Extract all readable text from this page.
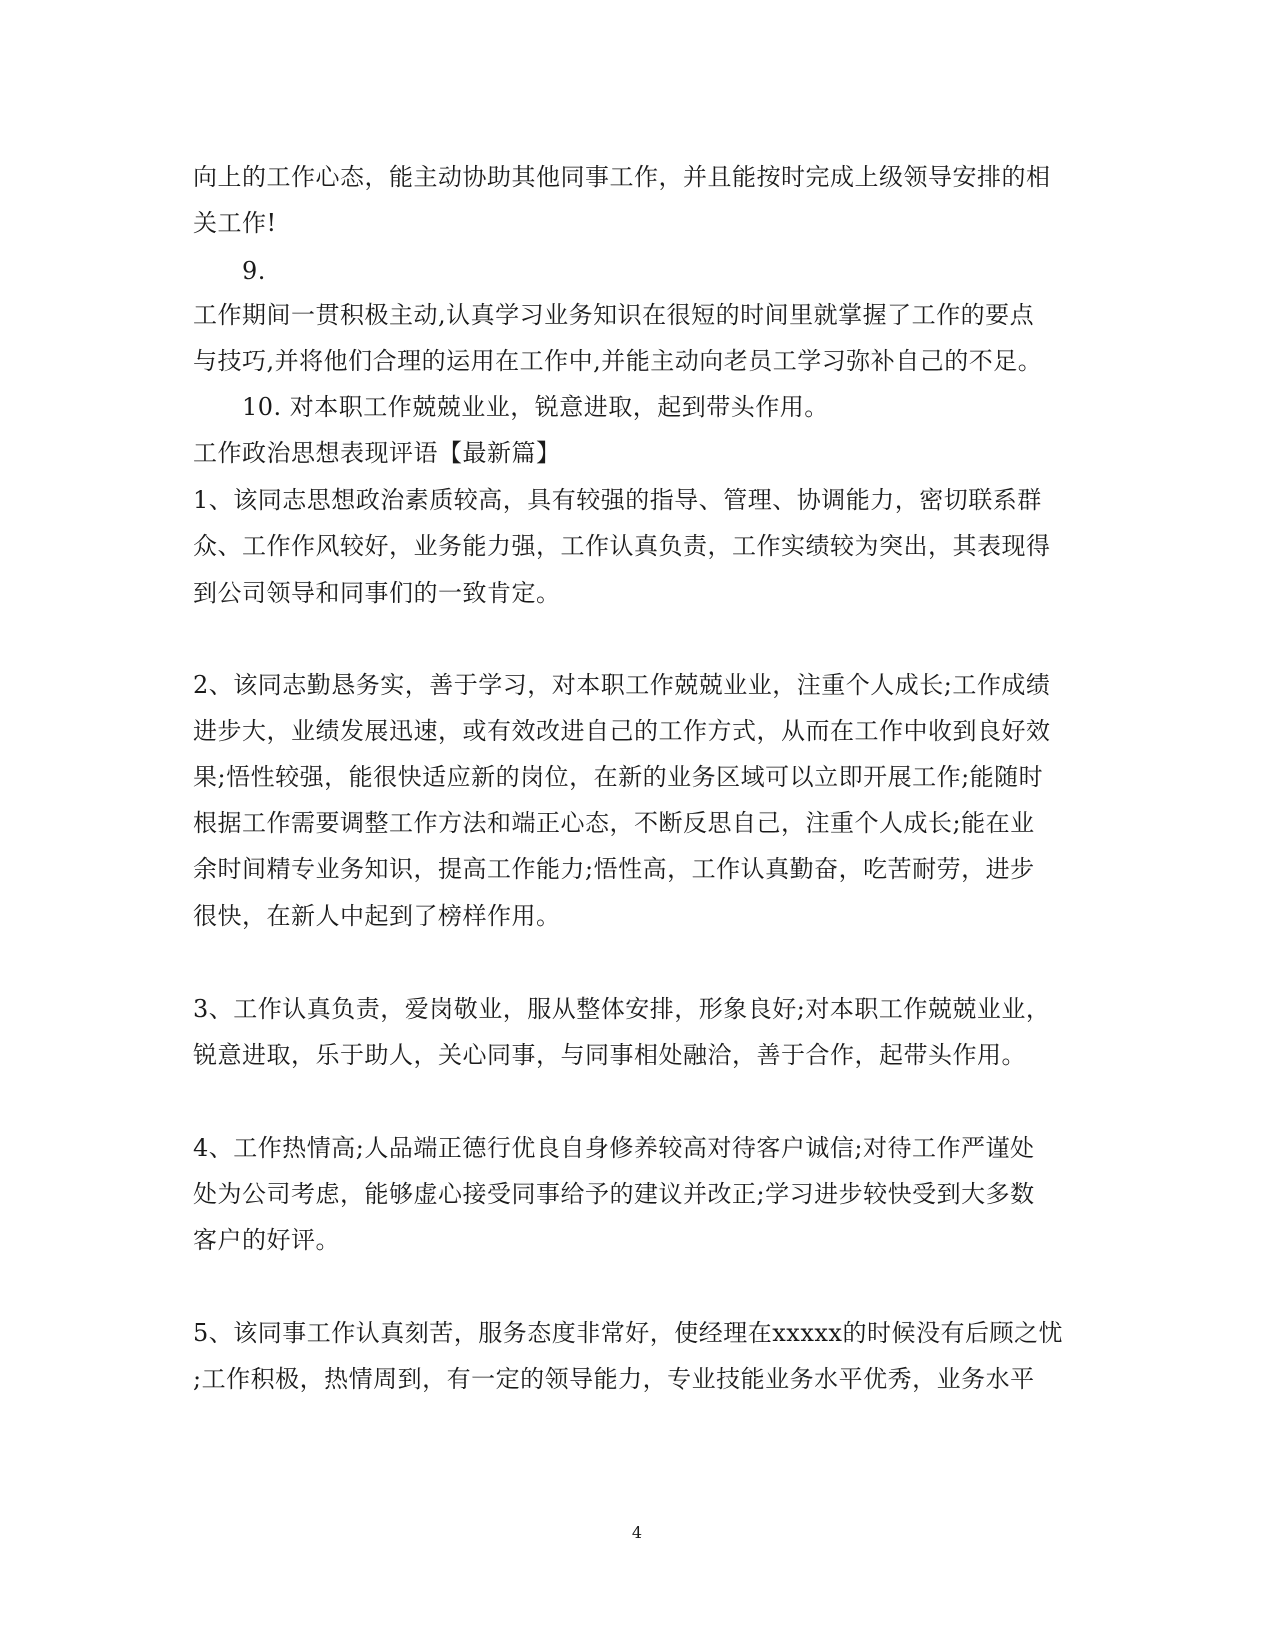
向上的工作心态，能主动协助其他同事工作，并且能按时完成上级领导安排的相
关工作!
9.
工作期间一贯积极主动,认真学习业务知识在很短的时间里就掌握了工作的要点
与技巧,并将他们合理的运用在工作中,并能主动向老员工学习弥补自己的不足。
10. 对本职工作兢兢业业，锐意进取，起到带头作用。
工作政治思想表现评语【最新篇】
1、该同志思想政治素质较高，具有较强的指导、管理、协调能力，密切联系群
众、工作作风较好，业务能力强，工作认真负责，工作实绩较为突出，其表现得
到公司领导和同事们的一致肯定。
2、该同志勤恳务实，善于学习，对本职工作兢兢业业，注重个人成长;工作成绩
进步大，业绩发展迅速，或有效改进自己的工作方式，从而在工作中收到良好效
果;悟性较强，能很快适应新的岗位，在新的业务区域可以立即开展工作;能随时
根据工作需要调整工作方法和端正心态，不断反思自己，注重个人成长;能在业
余时间精专业务知识，提高工作能力;悟性高，工作认真勤奋，吃苦耐劳，进步
很快，在新人中起到了榜样作用。
3、工作认真负责，爱岗敬业，服从整体安排，形象良好;对本职工作兢兢业业，
锐意进取，乐于助人，关心同事，与同事相处融洽，善于合作，起带头作用。
4、工作热情高;人品端正德行优良自身修养较高对待客户诚信;对待工作严谨处
处为公司考虑，能够虚心接受同事给予的建议并改正;学习进步较快受到大多数
客户的好评。
5、该同事工作认真刻苦，服务态度非常好，使经理在xxxxx的时候没有后顾之忧
;工作积极，热情周到，有一定的领导能力，专业技能业务水平优秀，业务水平
4
